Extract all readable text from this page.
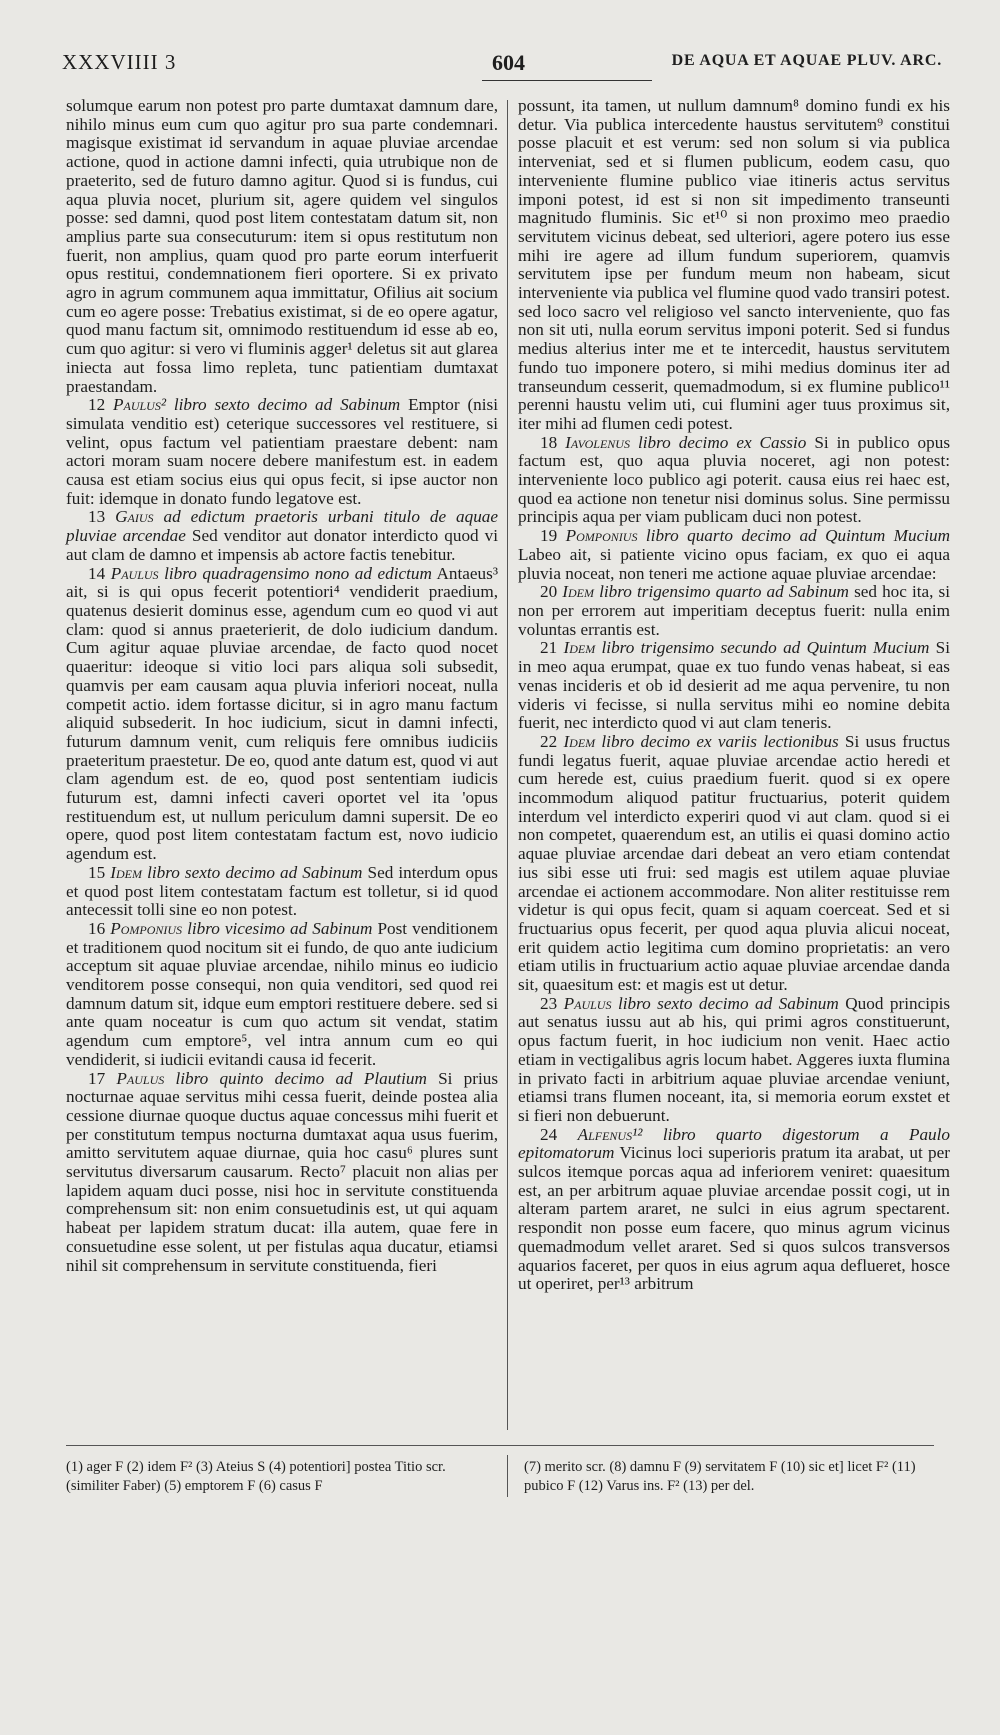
XXXVIIII 3	604	DE AQUA ET AQUAE PLUV. ARC.

solumque earum non potest pro parte dumtaxat damnum dare, nihilo minus eum cum quo agitur pro sua parte condemnari. magisque existimat id servandum in aquae pluviae arcendae actione, quod in actione damni infecti, quia utrubique non de praeterito, sed de futuro damno agitur. Quod si is fundus, cui aqua pluvia nocet, plurium sit, agere quidem vel singulos posse: sed damni, quod post litem contestatam datum sit, non amplius parte sua consecuturum: item si opus restitutum non fuerit, non amplius, quam quod pro parte eorum interfuerit opus restitui, condemnationem fieri oportere. Si ex privato agro in agrum communem aqua immittatur, Ofilius ait socium cum eo agere posse: Trebatius existimat, si de eo opere agatur, quod manu factum sit, omnimodo restituendum id esse ab eo, cum quo agitur: si vero vi fluminis agger¹ deletus sit aut glarea iniecta aut fossa limo repleta, tunc patientiam dumtaxat praestandam.

12 Paulus² libro sexto decimo ad Sabinum Emptor (nisi simulata venditio est) ceterique successores vel restituere, si velint, opus factum vel patientiam praestare debent: nam actori moram suam nocere debere manifestum est. in eadem causa est etiam socius eius qui opus fecit, si ipse auctor non fuit: idemque in donato fundo legatove est.

13 Gaius ad edictum praetoris urbani titulo de aquae pluviae arcendae Sed venditor aut donator interdicto quod vi aut clam de damno et impensis ab actore factis tenebitur.

14 Paulus libro quadragensimo nono ad edictum Antaeus³ ait, si is qui opus fecerit potentiori⁴ vendiderit praedium, quatenus desierit dominus esse, agendum cum eo quod vi aut clam: quod si annus praeterierit, de dolo iudicium dandum. Cum agitur aquae pluviae arcendae, de facto quod nocet quaeritur: ideoque si vitio loci pars aliqua soli subsedit, quamvis per eam causam aqua pluvia inferiori noceat, nulla competit actio. idem fortasse dicitur, si in agro manu factum aliquid subsederit. In hoc iudicium, sicut in damni infecti, futurum damnum venit, cum reliquis fere omnibus iudiciis praeteritum praestetur. De eo, quod ante datum est, quod vi aut clam agendum est. de eo, quod post sententiam iudicis futurum est, damni infecti caveri oportet vel ita 'opus restituendum est, ut nullum periculum damni supersit. De eo opere, quod post litem contestatam factum est, novo iudicio agendum est.

15 Idem libro sexto decimo ad Sabinum Sed interdum opus et quod post litem contestatam factum est tolletur, si id quod antecessit tolli sine eo non potest.

16 Pomponius libro vicesimo ad Sabinum Post venditionem et traditionem quod nocitum sit ei fundo, de quo ante iudicium acceptum sit aquae pluviae arcendae, nihilo minus eo iudicio venditorem posse consequi, non quia venditori, sed quod rei damnum datum sit, idque eum emptori restituere debere. sed si ante quam noceatur is cum quo actum sit vendat, statim agendum cum emptore⁵, vel intra annum cum eo qui vendiderit, si iudicii evitandi causa id fecerit.

17 Paulus libro quinto decimo ad Plautium Si prius nocturnae aquae servitus mihi cessa fuerit, deinde postea alia cessione diurnae quoque ductus aquae concessus mihi fuerit et per constitutum tempus nocturna dumtaxat aqua usus fuerim, amitto servitutem aquae diurnae, quia hoc casu⁶ plures sunt servitutus diversarum causarum. Recto⁷ placuit non alias per lapidem aquam duci posse, nisi hoc in servitute constituenda comprehensum sit: non enim consuetudinis est, ut qui aquam habeat per lapidem stratum ducat: illa autem, quae fere in consuetudine esse solent, ut per fistulas aqua ducatur, etiamsi nihil sit comprehensum in servitute constituenda, fieri

possunt, ita tamen, ut nullum damnum⁸ domino fundi ex his detur. Via publica intercedente haustus servitutem⁹ constitui posse placuit et est verum: sed non solum si via publica interveniat, sed et si flumen publicum, eodem casu, quo interveniente flumine publico viae itineris actus servitus imponi potest, id est si non sit impedimento transeunti magnitudo fluminis. Sic et¹⁰ si non proximo meo praedio servitutem vicinus debeat, sed ulteriori, agere potero ius esse mihi ire agere ad illum fundum superiorem, quamvis servitutem ipse per fundum meum non habeam, sicut interveniente via publica vel flumine quod vado transiri potest. sed loco sacro vel religioso vel sancto interveniente, quo fas non sit uti, nulla eorum servitus imponi poterit. Sed si fundus medius alterius inter me et te intercedit, haustus servitutem fundo tuo imponere potero, si mihi medius dominus iter ad transeundum cesserit, quemadmodum, si ex flumine publico¹¹ perenni haustu velim uti, cui flumini ager tuus proximus sit, iter mihi ad flumen cedi potest.

18 Iavolenus libro decimo ex Cassio Si in publico opus factum est, quo aqua pluvia noceret, agi non potest: interveniente loco publico agi poterit. causa eius rei haec est, quod ea actione non tenetur nisi dominus solus. Sine permissu principis aqua per viam publicam duci non potest.

19 Pomponius libro quarto decimo ad Quintum Mucium Labeo ait, si patiente vicino opus faciam, ex quo ei aqua pluvia noceat, non teneri me actione aquae pluviae arcendae:

20 Idem libro trigensimo quarto ad Sabinum sed hoc ita, si non per errorem aut imperitiam deceptus fuerit: nulla enim voluntas errantis est.

21 Idem libro trigensimo secundo ad Quintum Mucium Si in meo aqua erumpat, quae ex tuo fundo venas habeat, si eas venas incideris et ob id desierit ad me aqua pervenire, tu non videris vi fecisse, si nulla servitus mihi eo nomine debita fuerit, nec interdicto quod vi aut clam teneris.

22 Idem libro decimo ex variis lectionibus Si usus fructus fundi legatus fuerit, aquae pluviae arcendae actio heredi et cum herede est, cuius praedium fuerit. quod si ex opere incommodum aliquod patitur fructuarius, poterit quidem interdum vel interdicto experiri quod vi aut clam. quod si ei non competet, quaerendum est, an utilis ei quasi domino actio aquae pluviae arcendae dari debeat an vero etiam contendat ius sibi esse uti frui: sed magis est utilem aquae pluviae arcendae ei actionem accommodare. Non aliter restituisse rem videtur is qui opus fecit, quam si aquam coerceat. Sed et si fructuarius opus fecerit, per quod aqua pluvia alicui noceat, erit quidem actio legitima cum domino proprietatis: an vero etiam utilis in fructuarium actio aquae pluviae arcendae danda sit, quaesitum est: et magis est ut detur.

23 Paulus libro sexto decimo ad Sabinum Quod principis aut senatus iussu aut ab his, qui primi agros constituerunt, opus factum fuerit, in hoc iudicium non venit. Haec actio etiam in vectigalibus agris locum habet. Aggeres iuxta flumina in privato facti in arbitrium aquae pluviae arcendae veniunt, etiamsi trans flumen noceant, ita, si memoria eorum exstet et si fieri non debuerunt.

24 Alfenus¹² libro quarto digestorum a Paulo epitomatorum Vicinus loci superioris pratum ita arabat, ut per sulcos itemque porcas aqua ad inferiorem veniret: quaesitum est, an per arbitrum aquae pluviae arcendae possit cogi, ut in alteram partem araret, ne sulci in eius agrum spectarent. respondit non posse eum facere, quo minus agrum vicinus quemadmodum vellet araret. Sed si quos sulcos transversos aquarios faceret, per quos in eius agrum aqua deflueret, hosce ut operiret, per¹³ arbitrum

(1) ager F (2) idem F² (3) Ateius S (4) potentiori] postea Titio scr. (similiter Faber) (5) emptorem F (6) casus F
(7) merito scr. (8) damnu F (9) servitatem F (10) sic et] licet F² (11) pubico F (12) Varus ins. F² (13) per del.
